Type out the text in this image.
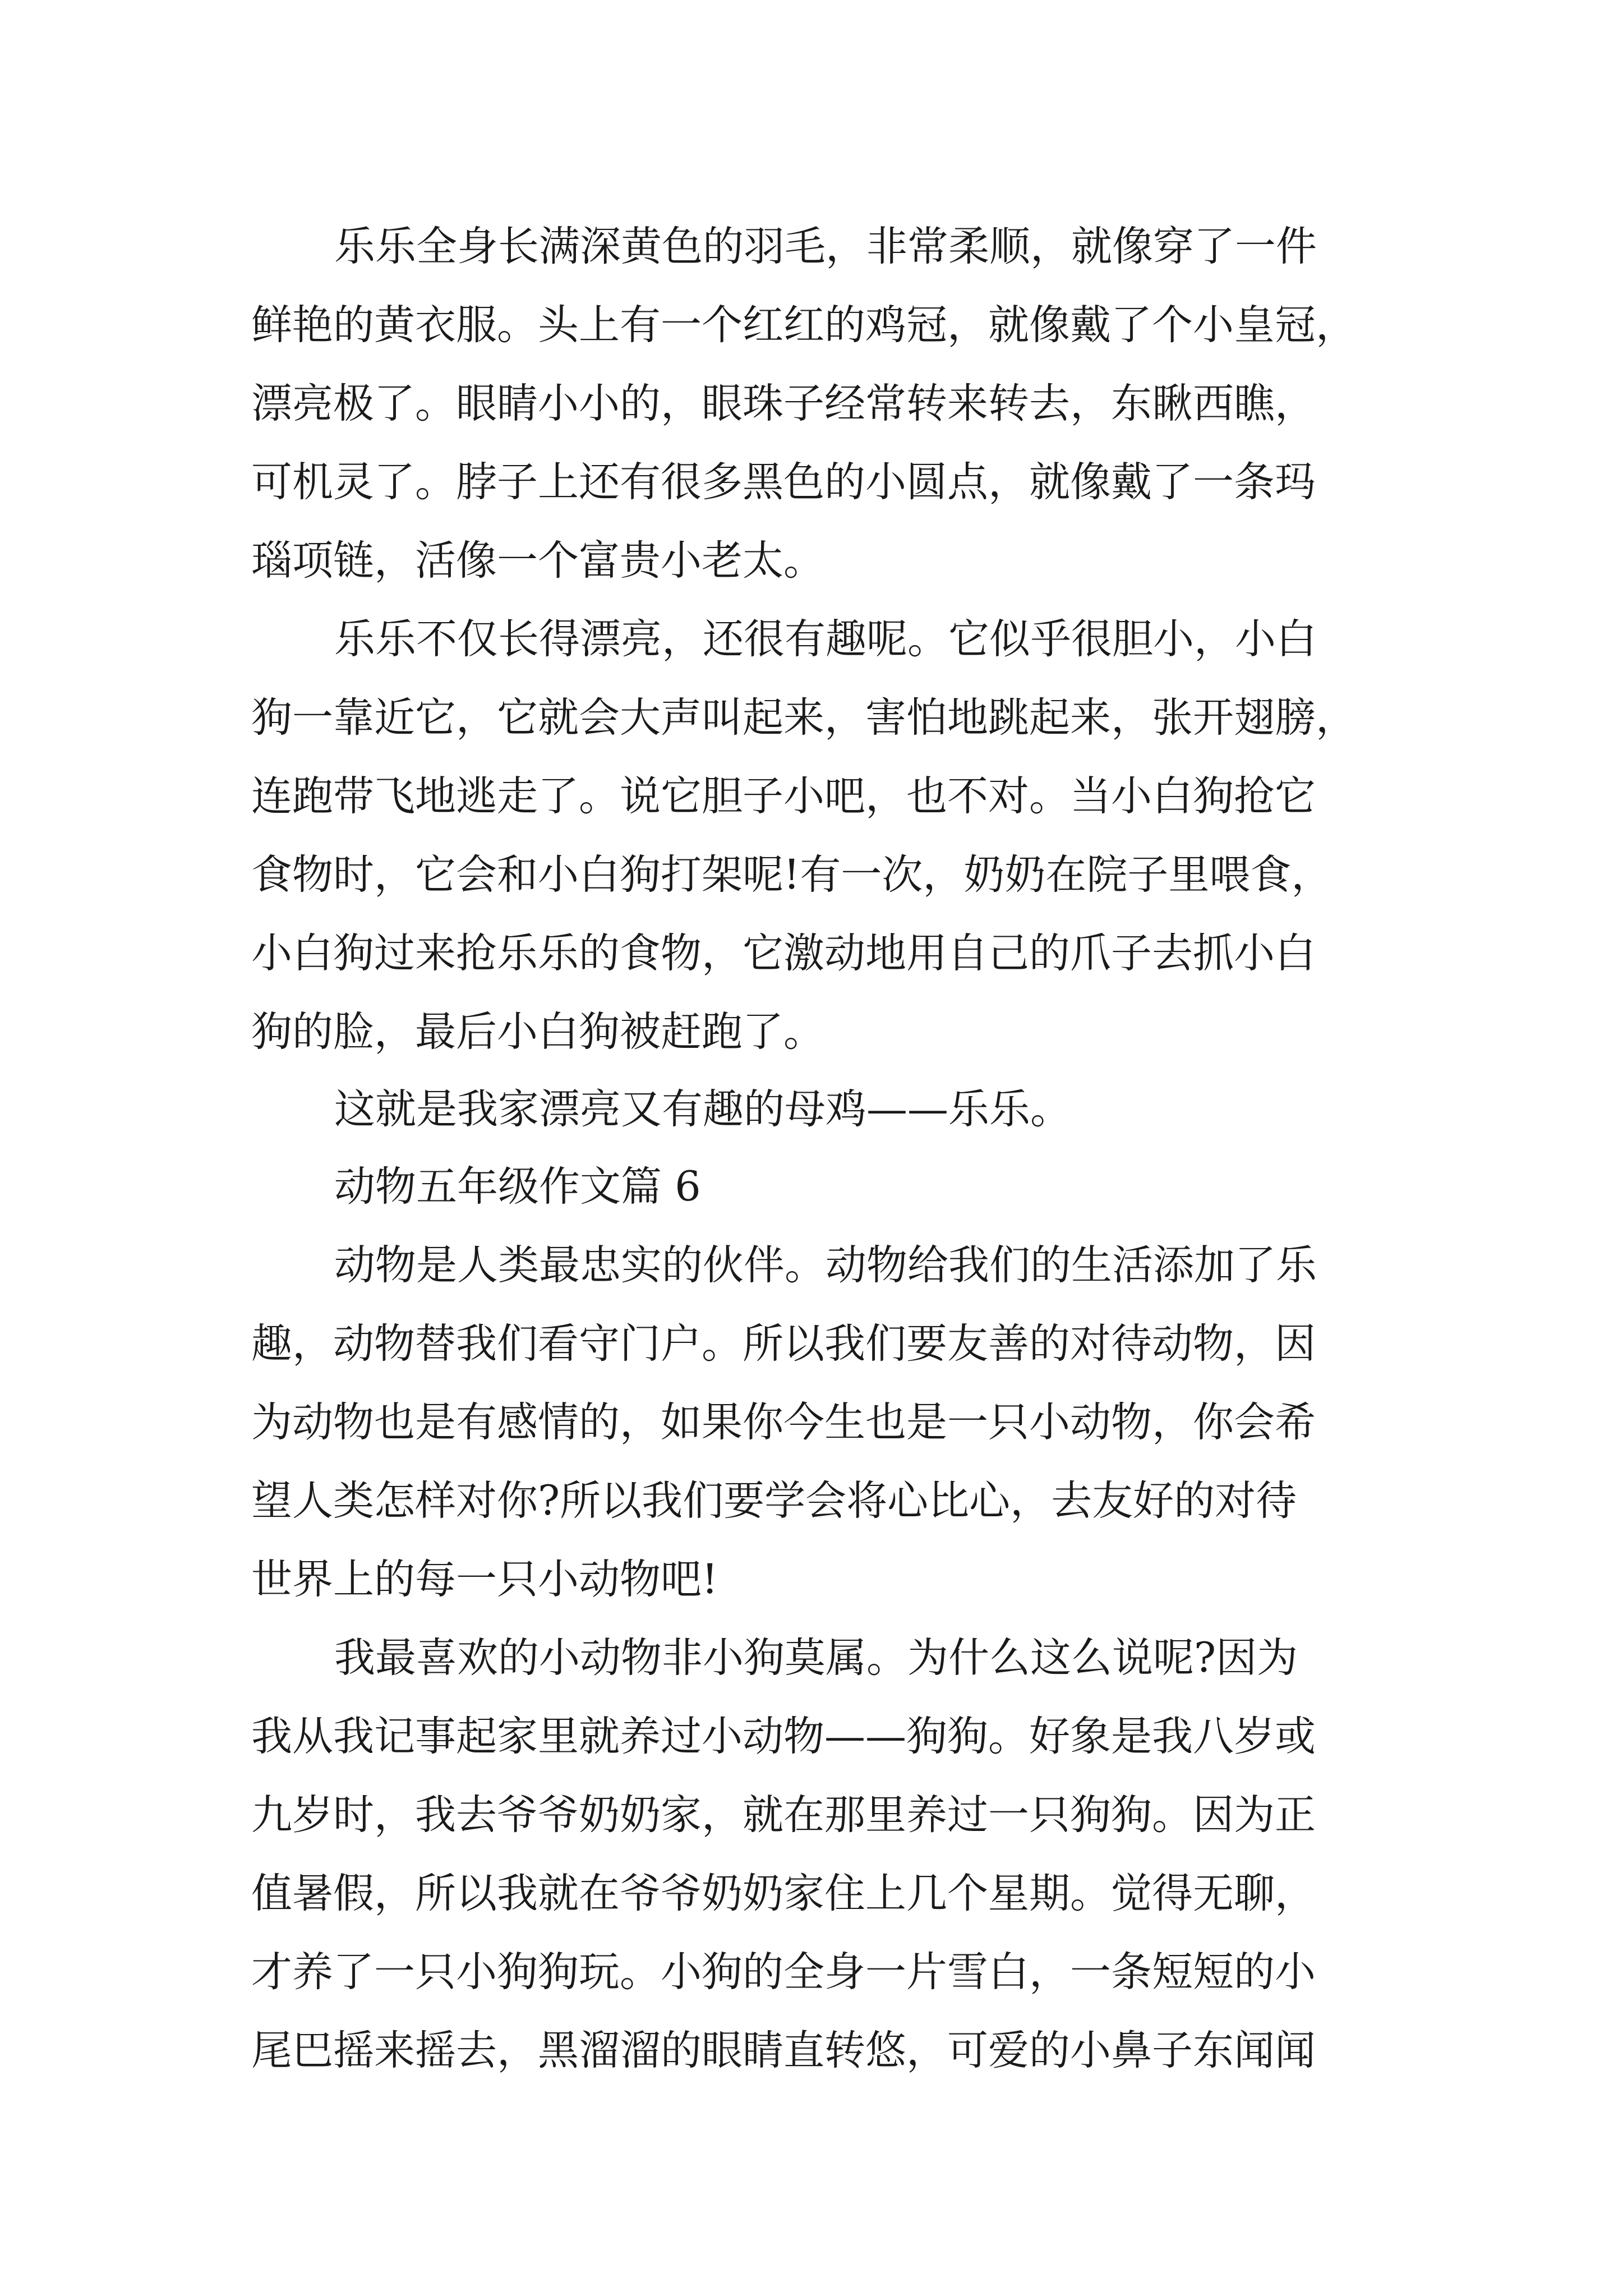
乐乐全身长满深黄色的羽毛，非常柔顺，就像穿了一件
鲜艳的黄衣服。头上有一个红红的鸡冠，就像戴了个小皇冠，
漂亮极了。眼睛小小的，眼珠子经常转来转去，东瞅西瞧，
可机灵了。脖子上还有很多黑色的小圆点，就像戴了一条玛
瑙项链，活像一个富贵小老太。
乐乐不仅长得漂亮，还很有趣呢。它似乎很胆小，小白
狗一靠近它，它就会大声叫起来，害怕地跳起来，张开翅膀，
连跑带飞地逃走了。说它胆子小吧，也不对。当小白狗抢它
食物时，它会和小白狗打架呢!有一次，奶奶在院子里喂食，
小白狗过来抢乐乐的食物，它激动地用自己的爪子去抓小白
狗的脸，最后小白狗被赶跑了。
这就是我家漂亮又有趣的母鸡——乐乐。
动物五年级作文篇 6
动物是人类最忠实的伙伴。动物给我们的生活添加了乐
趣，动物替我们看守门户。所以我们要友善的对待动物，因
为动物也是有感情的，如果你今生也是一只小动物，你会希
望人类怎样对你?所以我们要学会将心比心，去友好的对待
世界上的每一只小动物吧!
我最喜欢的小动物非小狗莫属。为什么这么说呢?因为
我从我记事起家里就养过小动物——狗狗。好象是我八岁或
九岁时，我去爷爷奶奶家，就在那里养过一只狗狗。因为正
值暑假，所以我就在爷爷奶奶家住上几个星期。觉得无聊，
才养了一只小狗狗玩。小狗的全身一片雪白，一条短短的小
尾巴摇来摇去，黑溜溜的眼睛直转悠，可爱的小鼻子东闻闻
